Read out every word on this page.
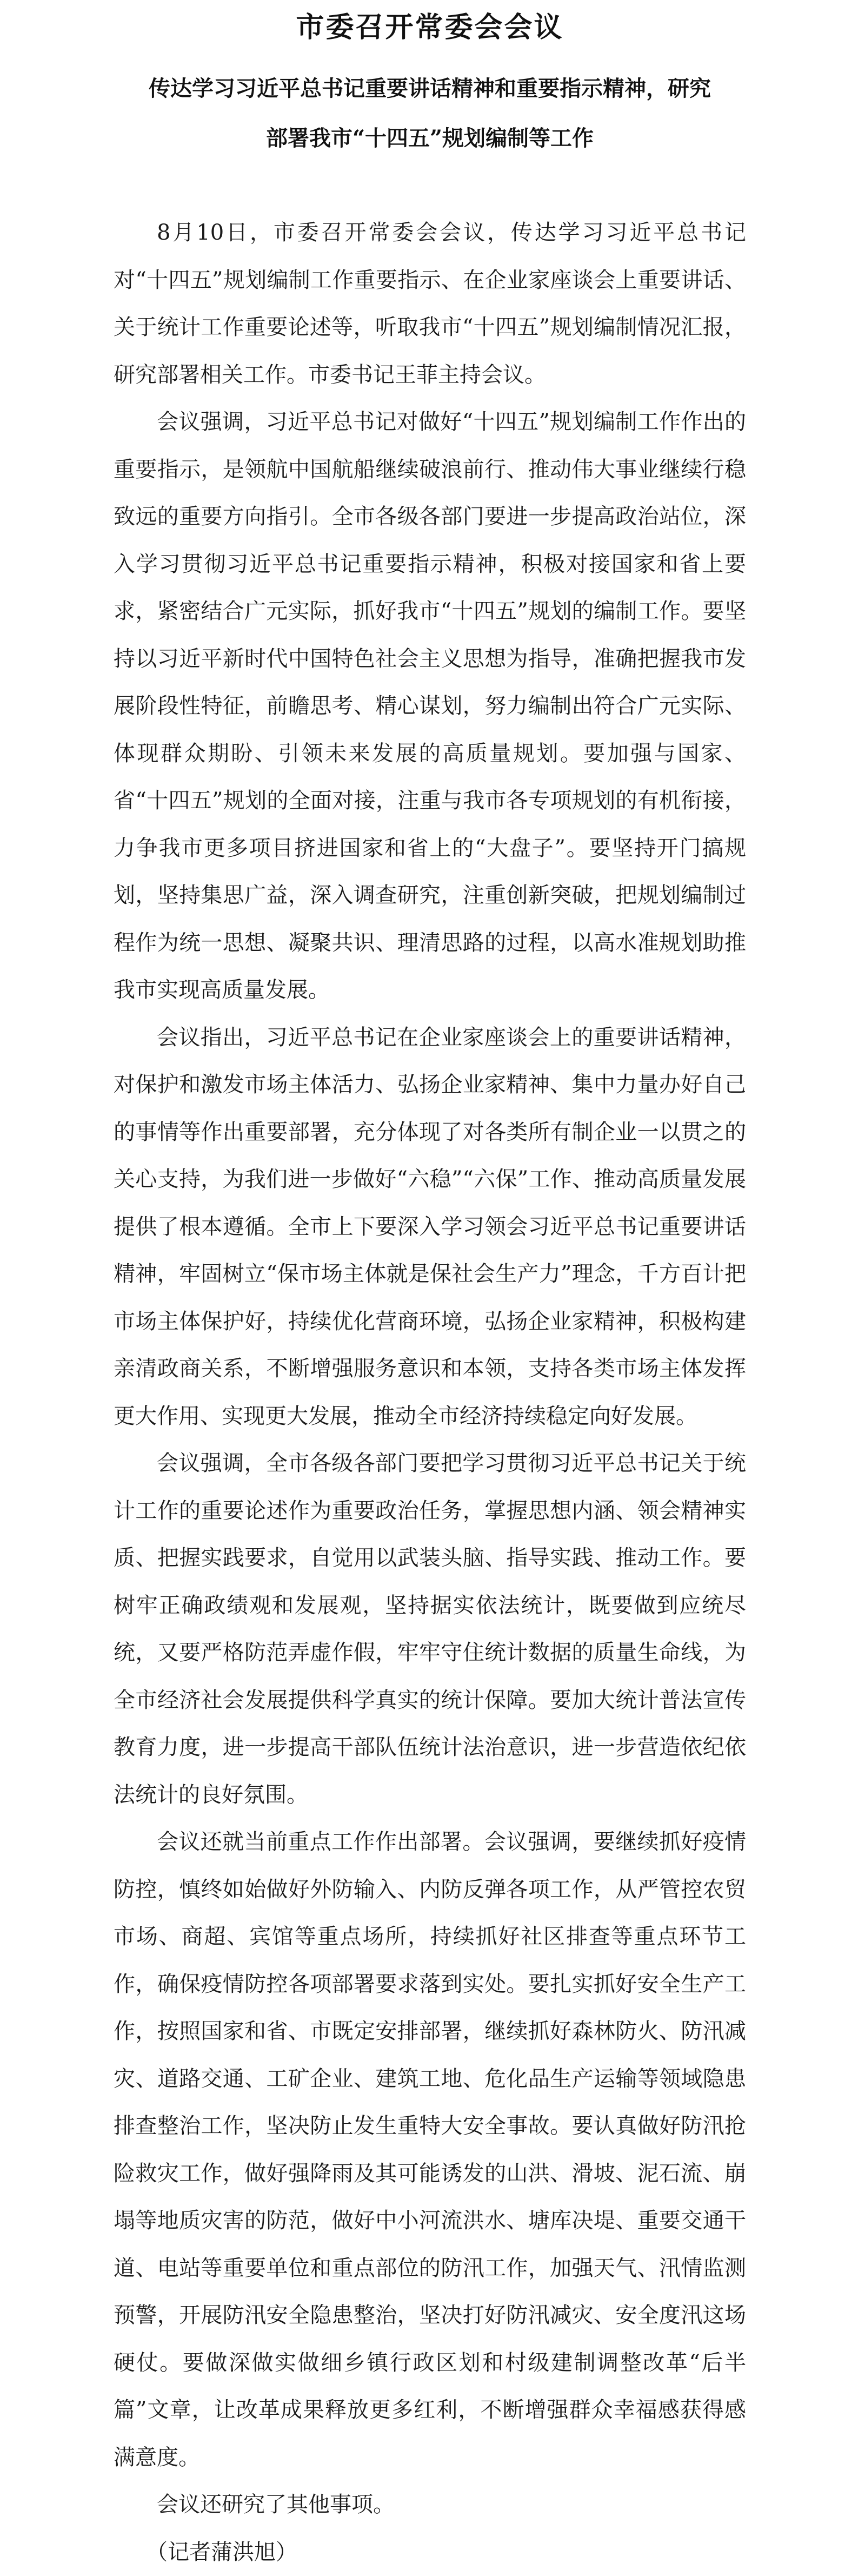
市委召开常委会会议
传达学习习近平总书记重要讲话精神和重要指示精神，研究
部署我市“十四五”规划编制等工作

8月10日，市委召开常委会会议，传达学习习近平总书记对“十四五”规划编制工作重要指示、在企业家座谈会上重要讲话、关于统计工作重要论述等，听取我市“十四五”规划编制情况汇报，研究部署相关工作。市委书记王菲主持会议。

会议强调，习近平总书记对做好“十四五”规划编制工作作出的重要指示，是领航中国航船继续破浪前行、推动伟大事业继续行稳致远的重要方向指引。全市各级各部门要进一步提高政治站位，深入学习贯彻习近平总书记重要指示精神，积极对接国家和省上要求，紧密结合广元实际，抓好我市“十四五”规划的编制工作。要坚持以习近平新时代中国特色社会主义思想为指导，准确把握我市发展阶段性特征，前瞻思考、精心谋划，努力编制出符合广元实际、体现群众期盼、引领未来发展的高质量规划。要加强与国家、省“十四五”规划的全面对接，注重与我市各专项规划的有机衔接，力争我市更多项目挤进国家和省上的“大盘子”。要坚持开门搞规划，坚持集思广益，深入调查研究，注重创新突破，把规划编制过程作为统一思想、凝聚共识、理清思路的过程，以高水准规划助推我市实现高质量发展。

会议指出，习近平总书记在企业家座谈会上的重要讲话精神，对保护和激发市场主体活力、弘扬企业家精神、集中力量办好自己的事情等作出重要部署，充分体现了对各类所有制企业一以贯之的关心支持，为我们进一步做好“六稳”“六保”工作、推动高质量发展提供了根本遵循。全市上下要深入学习领会习近平总书记重要讲话精神，牢固树立“保市场主体就是保社会生产力”理念，千方百计把市场主体保护好，持续优化营商环境，弘扬企业家精神，积极构建亲清政商关系，不断增强服务意识和本领，支持各类市场主体发挥更大作用、实现更大发展，推动全市经济持续稳定向好发展。

会议强调，全市各级各部门要把学习贯彻习近平总书记关于统计工作的重要论述作为重要政治任务，掌握思想内涵、领会精神实质、把握实践要求，自觉用以武装头脑、指导实践、推动工作。要树牢正确政绩观和发展观，坚持据实依法统计，既要做到应统尽统，又要严格防范弄虚作假，牢牢守住统计数据的质量生命线，为全市经济社会发展提供科学真实的统计保障。要加大统计普法宣传教育力度，进一步提高干部队伍统计法治意识，进一步营造依纪依法统计的良好氛围。

会议还就当前重点工作作出部署。会议强调，要继续抓好疫情防控，慎终如始做好外防输入、内防反弹各项工作，从严管控农贸市场、商超、宾馆等重点场所，持续抓好社区排查等重点环节工作，确保疫情防控各项部署要求落到实处。要扎实抓好安全生产工作，按照国家和省、市既定安排部署，继续抓好森林防火、防汛减灾、道路交通、工矿企业、建筑工地、危化品生产运输等领域隐患排查整治工作，坚决防止发生重特大安全事故。要认真做好防汛抢险救灾工作，做好强降雨及其可能诱发的山洪、滑坡、泥石流、崩塌等地质灾害的防范，做好中小河流洪水、塘库决堤、重要交通干道、电站等重要单位和重点部位的防汛工作，加强天气、汛情监测预警，开展防汛安全隐患整治，坚决打好防汛减灾、安全度汛这场硬仗。要做深做实做细乡镇行政区划和村级建制调整改革“后半篇”文章，让改革成果释放更多红利，不断增强群众幸福感获得感满意度。

会议还研究了其他事项。

（记者蒲洪旭）
